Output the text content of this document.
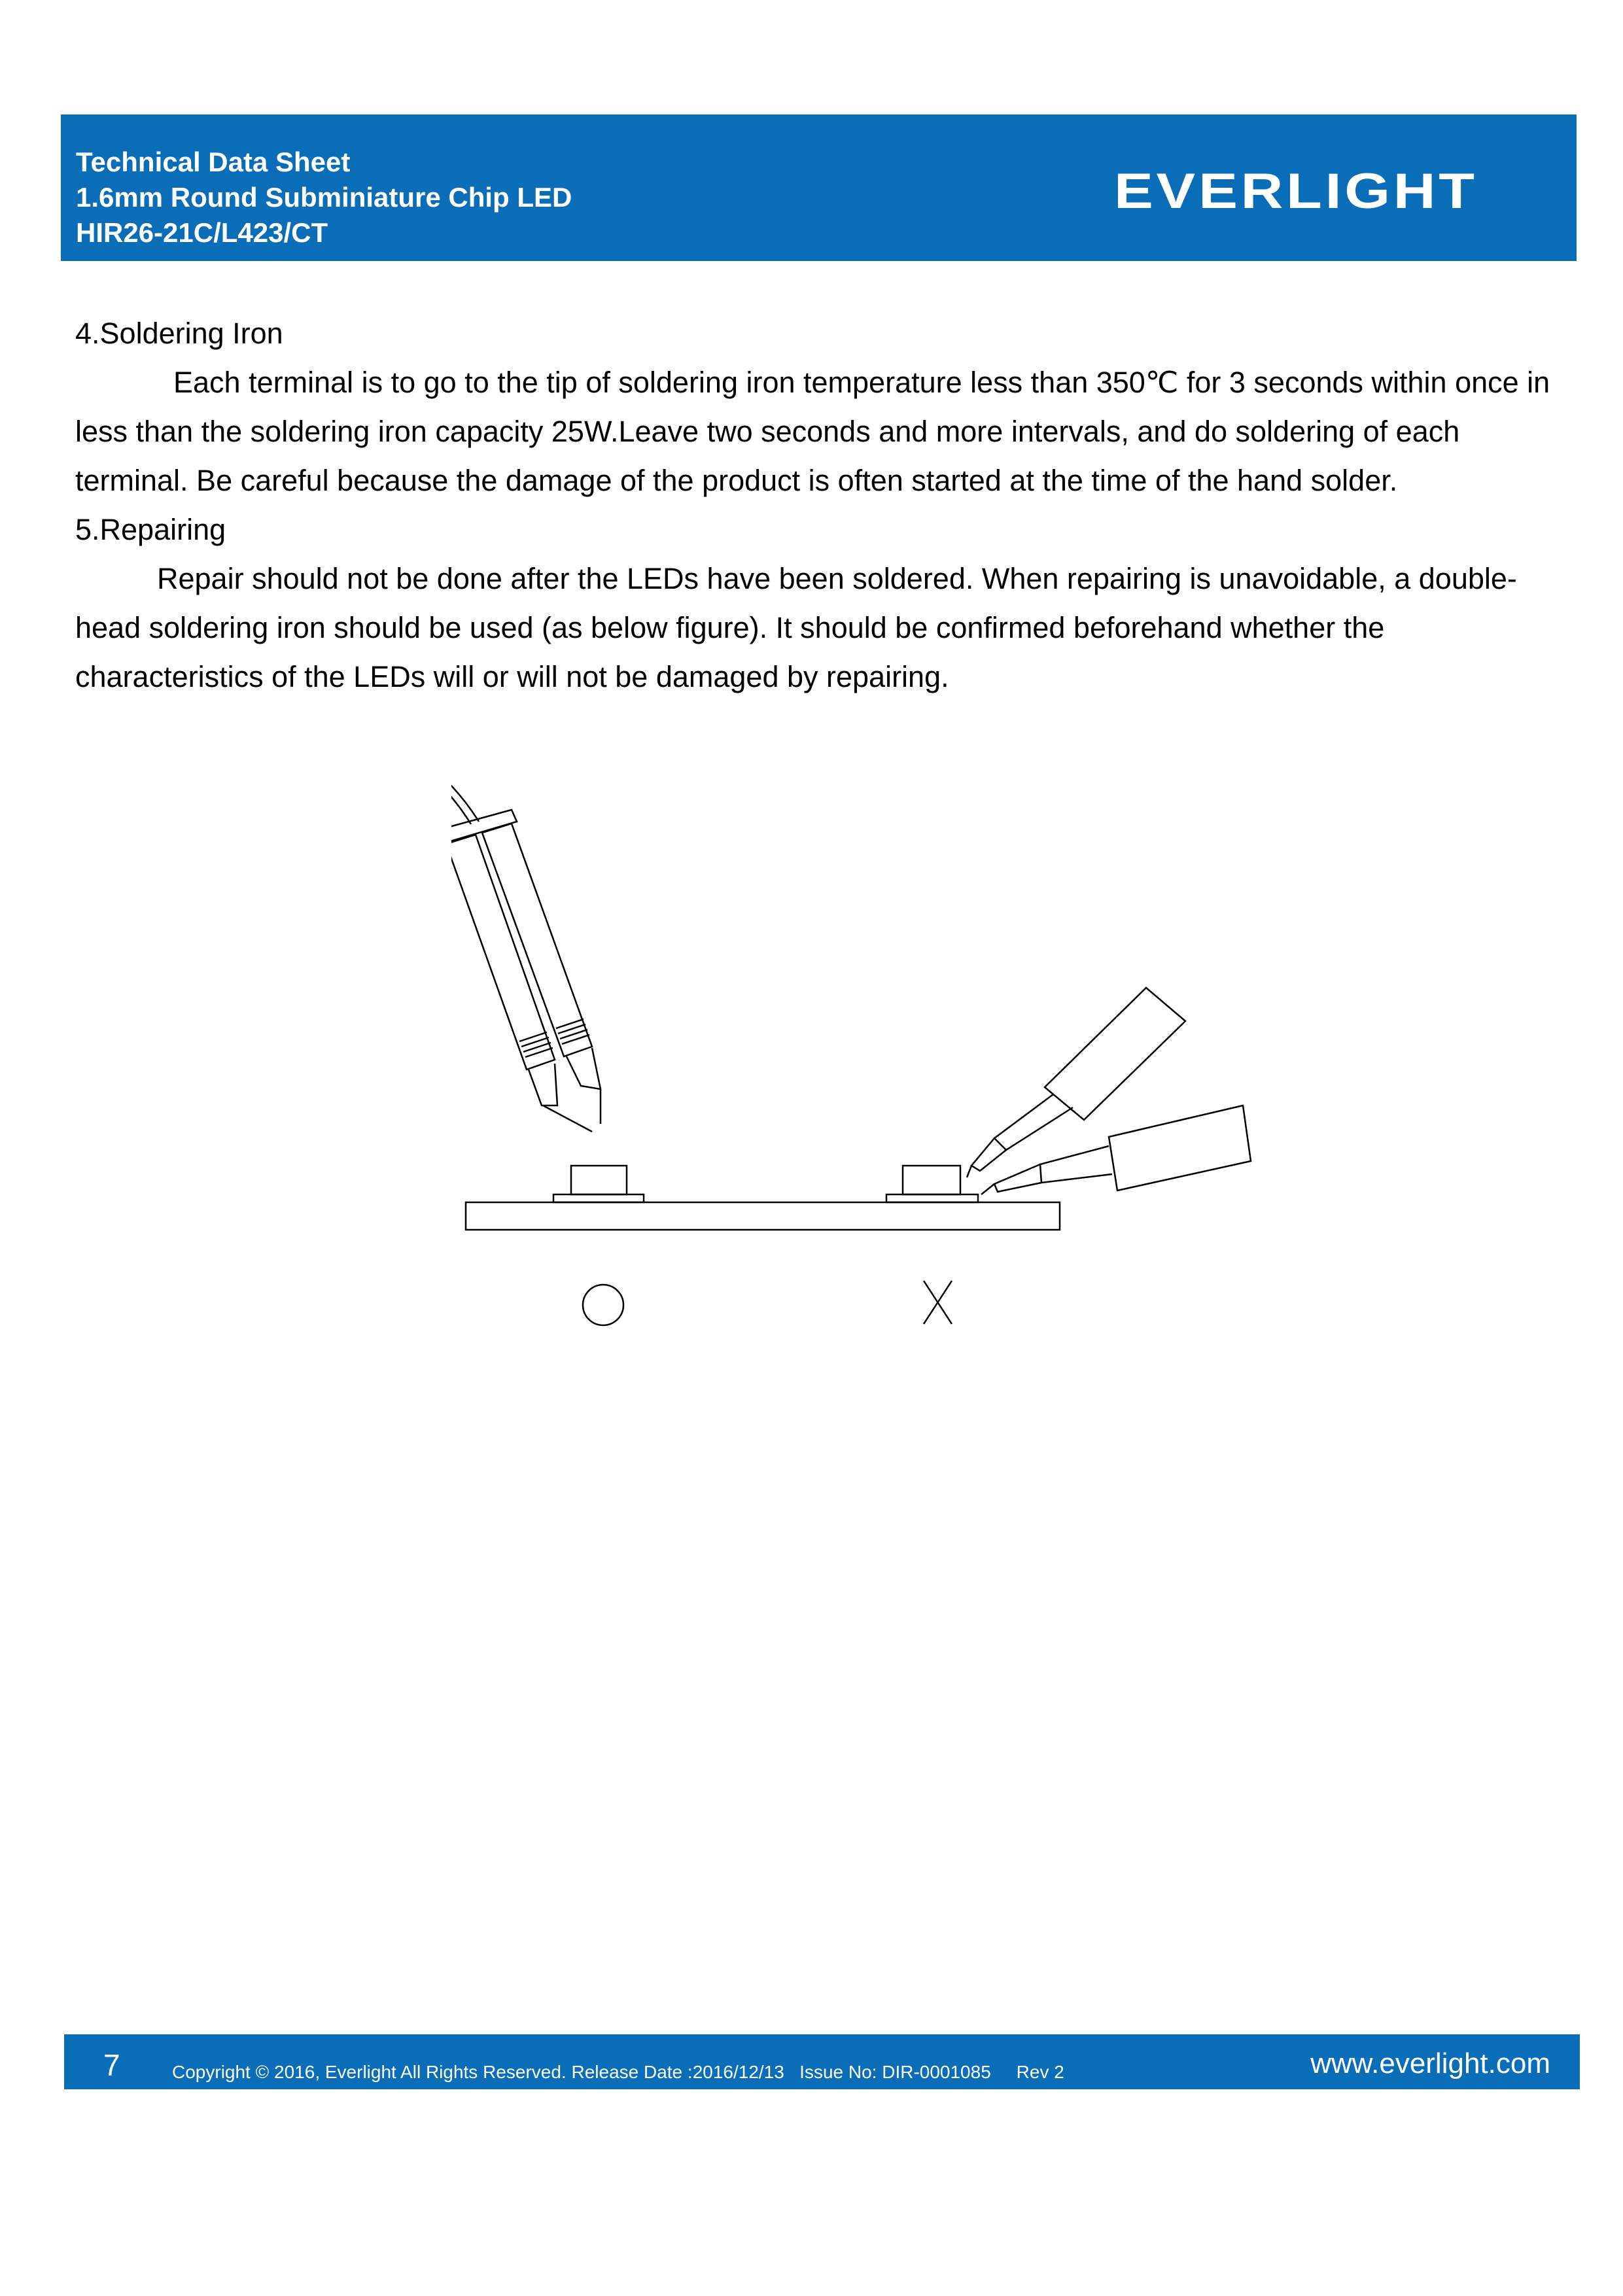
Technical Data Sheet
1.6mm Round Subminiature Chip LED
HIR26-21C/L423/CT
EVERLIGHT

4.Soldering Iron

Each terminal is to go to the tip of soldering iron temperature less than 350℃ for 3 seconds within once in less than the soldering iron capacity 25W.Leave two seconds and more intervals, and do soldering of each terminal. Be careful because the damage of the product is often started at the time of the hand solder.

5.Repairing

Repair should not be done after the LEDs have been soldered. When repairing is unavoidable, a double-head soldering iron should be used (as below figure). It should be confirmed beforehand whether the characteristics of the LEDs will or will not be damaged by repairing.

7	Copyright © 2016, Everlight All Rights Reserved. Release Date :2016/12/13   Issue No: DIR-0001085     Rev 2	www.everlight.com
